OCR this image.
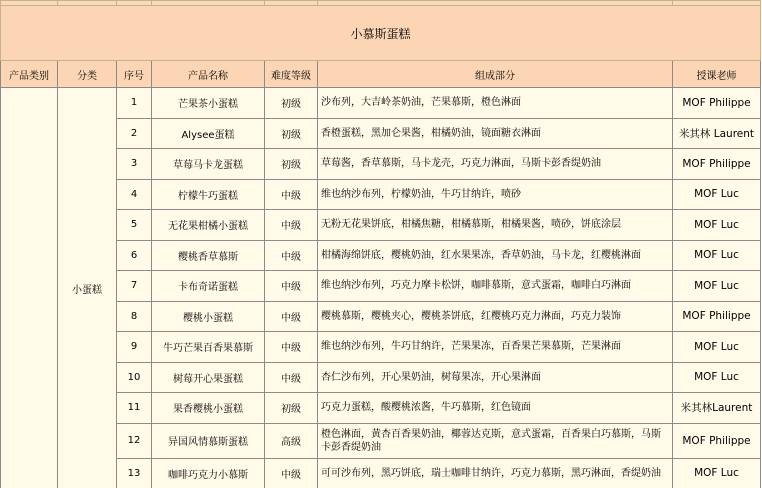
小慕斯蛋糕						
产品类别	分类	序号	产品名称	难度等级	组成部分	授课老师
	小蛋糕	1	芒果茶小蛋糕	初级	沙布列，大吉岭茶奶油，芒果慕斯，橙色淋面	MOF Philippe
		2	Alysee蛋糕	初级	香橙蛋糕，黑加仑果酱，柑橘奶油，镜面糖衣淋面	米其林 Laurent
		3	草莓马卡龙蛋糕	初级	草莓酱，香草慕斯，马卡龙壳，巧克力淋面，马斯卡彭香缇奶油	MOF Philippe
		4	柠檬牛巧蛋糕	中级	维也纳沙布列，柠檬奶油，牛巧甘纳许，喷砂	MOF Luc
		5	无花果柑橘小蛋糕	中级	无粉无花果饼底，柑橘焦糖，柑橘慕斯，柑橘果酱，喷砂，饼底涂层	MOF Luc
		6	樱桃香草慕斯	中级	柑橘海绵饼底，樱桃奶油，红水果果冻，香草奶油，马卡龙，红樱桃淋面	MOF Luc
		7	卡布奇诺蛋糕	中级	维也纳沙布列，巧克力摩卡松饼，咖啡慕斯，意式蛋霜，咖啡白巧淋面	MOF Luc
		8	樱桃小蛋糕	中级	樱桃慕斯，樱桃夹心，樱桃茶饼底，红樱桃巧克力淋面，巧克力装饰	MOF Philippe
		9	牛巧芒果百香果慕斯	中级	维也纳沙布列，牛巧甘纳许，芒果果冻，百香果芒果慕斯，芒果淋面	MOF Luc
		10	树莓开心果蛋糕	中级	杏仁沙布列，开心果奶油，树莓果冻，开心果淋面	MOF Luc
		11	果香樱桃小蛋糕	初级	巧克力蛋糕，酸樱桃浓酱，牛巧慕斯，红色镜面	米其林Laurent
		12	异国风情慕斯蛋糕	高级	橙色淋面，黄杏百香果奶油，椰蓉达克斯，意式蛋霜，百香果白巧慕斯，马斯卡彭香缇奶油	MOF Philippe
		13	咖啡巧克力小慕斯	中级	可可沙布列，黑巧饼底，瑞士咖啡甘纳许，巧克力慕斯，黑巧淋面，香缇奶油	MOF Luc
